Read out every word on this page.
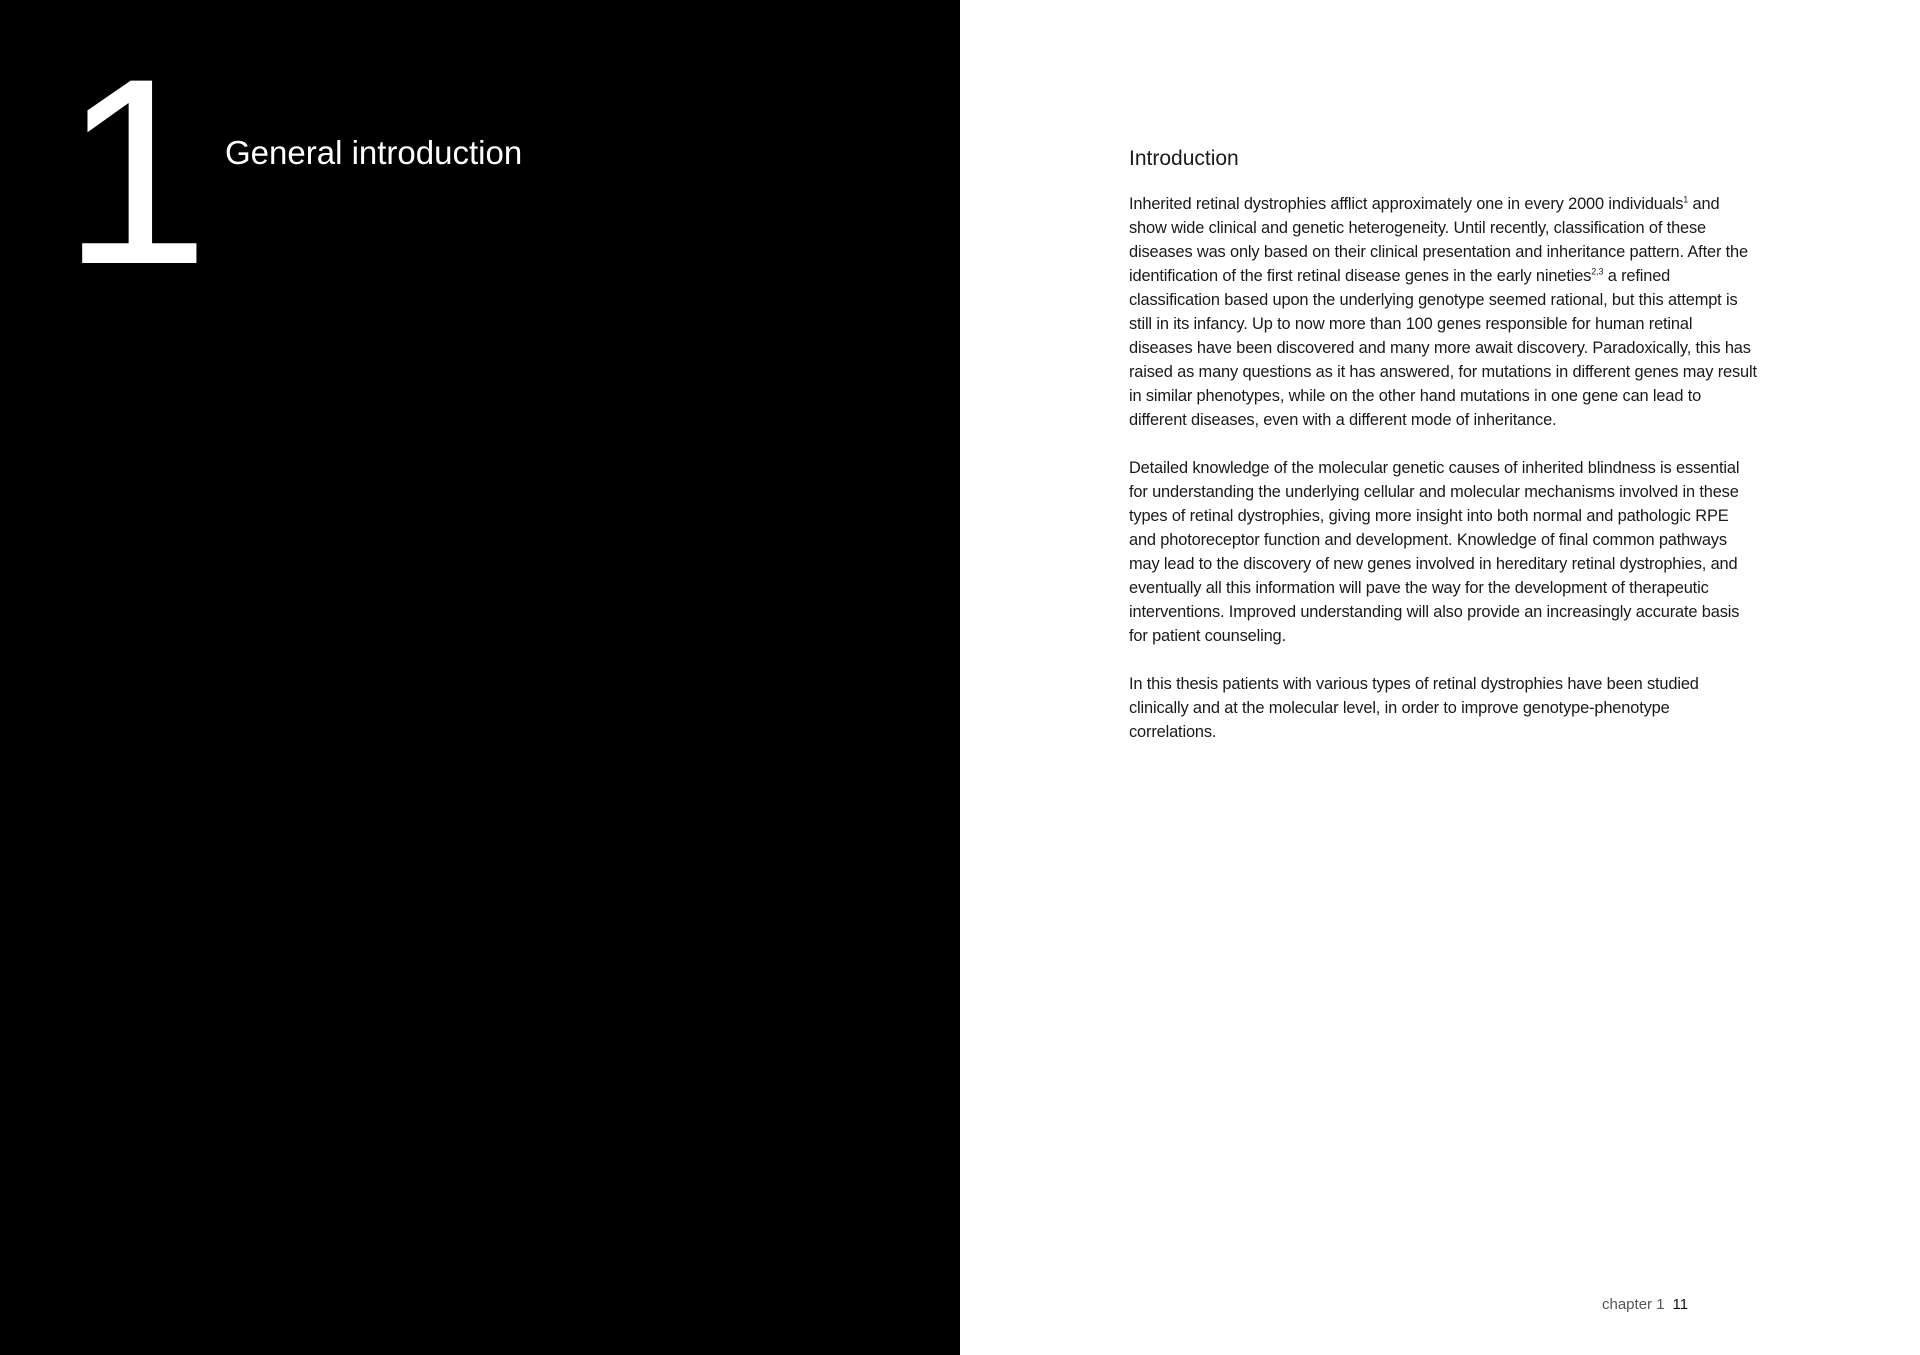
1 General introduction	Introduction

Inherited retinal dystrophies afflict approximately one in every 2000 individuals$^1$ and show wide clinical and genetic heterogeneity. Until recently, classification of these diseases was only based on their clinical presentation and inheritance pattern. After the identification of the first retinal disease genes in the early nineties$^{2,3}$ a refined classification based upon the underlying genotype seemed rational, but this attempt is still in its infancy. Up to now more than 100 genes responsible for human retinal diseases have been discovered and many more await discovery. Paradoxically, this has raised as many questions as it has answered, for mutations in different genes may result in similar phenotypes, while on the other hand mutations in one gene can lead to different diseases, even with a different mode of inheritance.

Detailed knowledge of the molecular genetic causes of inherited blindness is essential for understanding the underlying cellular and molecular mechanisms involved in these types of retinal dystrophies, giving more insight into both normal and pathologic RPE and photoreceptor function and development. Knowledge of final common pathways may lead to the discovery of new genes involved in hereditary retinal dystrophies, and eventually all this information will pave the way for the development of therapeutic interventions. Improved understanding will also provide an increasingly accurate basis for patient counseling.

In this thesis patients with various types of retinal dystrophies have been studied clinically and at the molecular level, in order to improve genotype-phenotype correlations.

chapter 1 11
